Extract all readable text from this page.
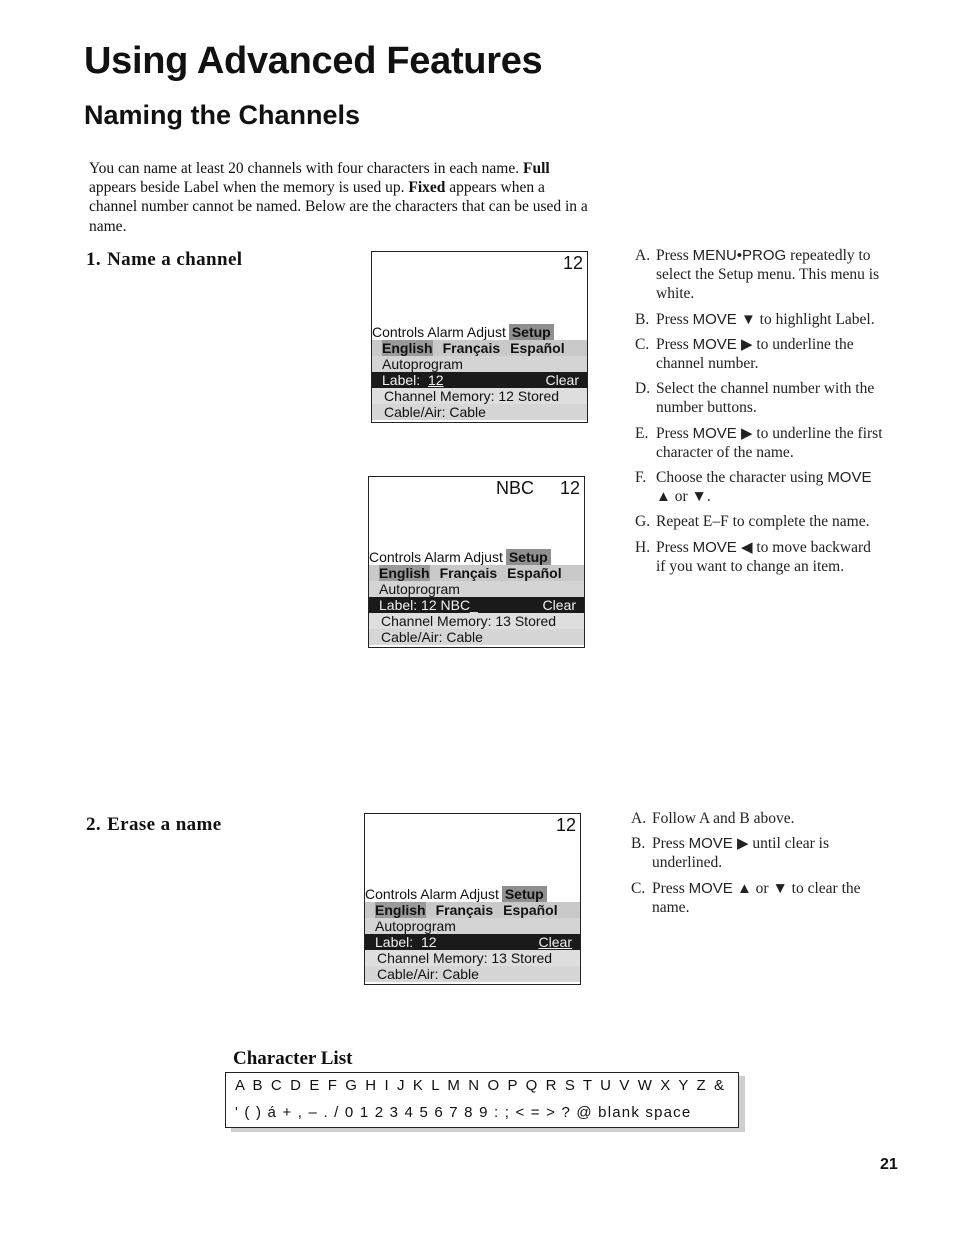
Using Advanced Features
Naming the Channels

You can name at least 20 channels with four characters in each name. Full appears beside Label when the memory is used up. Fixed appears when a channel number cannot be named. Below are the characters that can be used in a name.

1. Name a channel	12
Controls Alarm Adjust Setup
English Français Español
Autoprogram
Label: 12	Clear
Channel Memory: 12 Stored
Cable/Air: Cable
NBC 12
Controls Alarm Adjust Setup
English Français Español
Autoprogram
Label: 12 NBC_	Clear
Channel Memory: 13 Stored
Cable/Air: Cable
A. Press MENU•PROG repeatedly to select the Setup menu. This menu is white.
B. Press MOVE ▼ to highlight Label.
C. Press MOVE ▶ to underline the channel number.
D. Select the channel number with the number buttons.
E. Press MOVE ▶ to underline the first character of the name.
F. Choose the character using MOVE ▲ or ▼.
G. Repeat E–F to complete the name.
H. Press MOVE ◀ to move backward if you want to change an item.
2. Erase a name	12
Controls Alarm Adjust Setup
English Français Español
Autoprogram
Label: 12	Clear
Channel Memory: 13 Stored
Cable/Air: Cable
A. Follow A and B above.
B. Press MOVE ▶ until clear is underlined.
C. Press MOVE ▲ or ▼ to clear the name.
Character List
A B C D E F G H I J K L M N O P Q R S T U V W X Y Z &
' ( ) á + , – . / 0 1 2 3 4 5 6 7 8 9 : ; < = > ? @ blank space
21
